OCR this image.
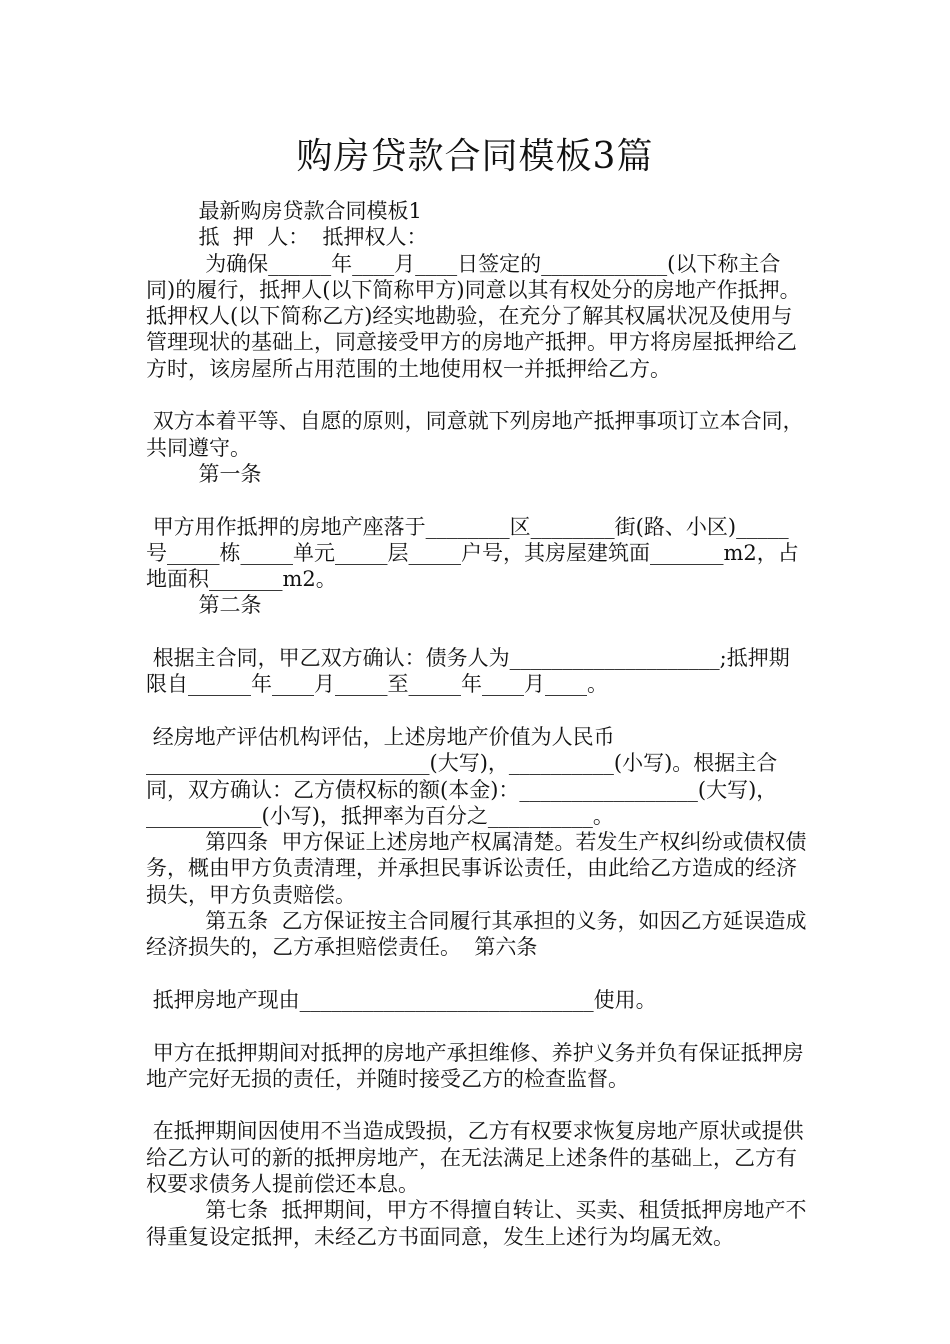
购房贷款合同模板3篇

最新购房贷款合同模板1

抵  押  人：  抵押权人：

为确保______年____月____日签定的____________(以下称主合同)的履行，抵押人(以下简称甲方)同意以其有权处分的房地产作抵押。抵押权人(以下简称乙方)经实地勘验，在充分了解其权属状况及使用与管理现状的基础上，同意接受甲方的房地产抵押。甲方将房屋抵押给乙方时，该房屋所占用范围的土地使用权一并抵押给乙方。

双方本着平等、自愿的原则，同意就下列房地产抵押事项订立本合同，共同遵守。

第一条

甲方用作抵押的房地产座落于________区________街(路、小区)_____号_____栋_____单元_____层_____户号，其房屋建筑面_______m2，占地面积_______m2。

第二条

根据主合同，甲乙双方确认：债务人为____________________;抵押期限自______年____月_____至_____年____月____。

经房地产评估机构评估，上述房地产价值为人民币___________________________(大写)，__________(小写)。根据主合同，双方确认：乙方债权标的额(本金)：_________________(大写)，___________(小写)，抵押率为百分之__________。

第四条  甲方保证上述房地产权属清楚。若发生产权纠纷或债权债务，概由甲方负责清理，并承担民事诉讼责任，由此给乙方造成的经济损失，甲方负责赔偿。

第五条  乙方保证按主合同履行其承担的义务，如因乙方延误造成经济损失的，乙方承担赔偿责任。  第六条

抵押房地产现由____________________________使用。

甲方在抵押期间对抵押的房地产承担维修、养护义务并负有保证抵押房地产完好无损的责任，并随时接受乙方的检查监督。

在抵押期间因使用不当造成毁损，乙方有权要求恢复房地产原状或提供给乙方认可的新的抵押房地产，在无法满足上述条件的基础上，乙方有权要求债务人提前偿还本息。

第七条  抵押期间，甲方不得擅自转让、买卖、租赁抵押房地产不得重复设定抵押，未经乙方书面同意，发生上述行为均属无效。
